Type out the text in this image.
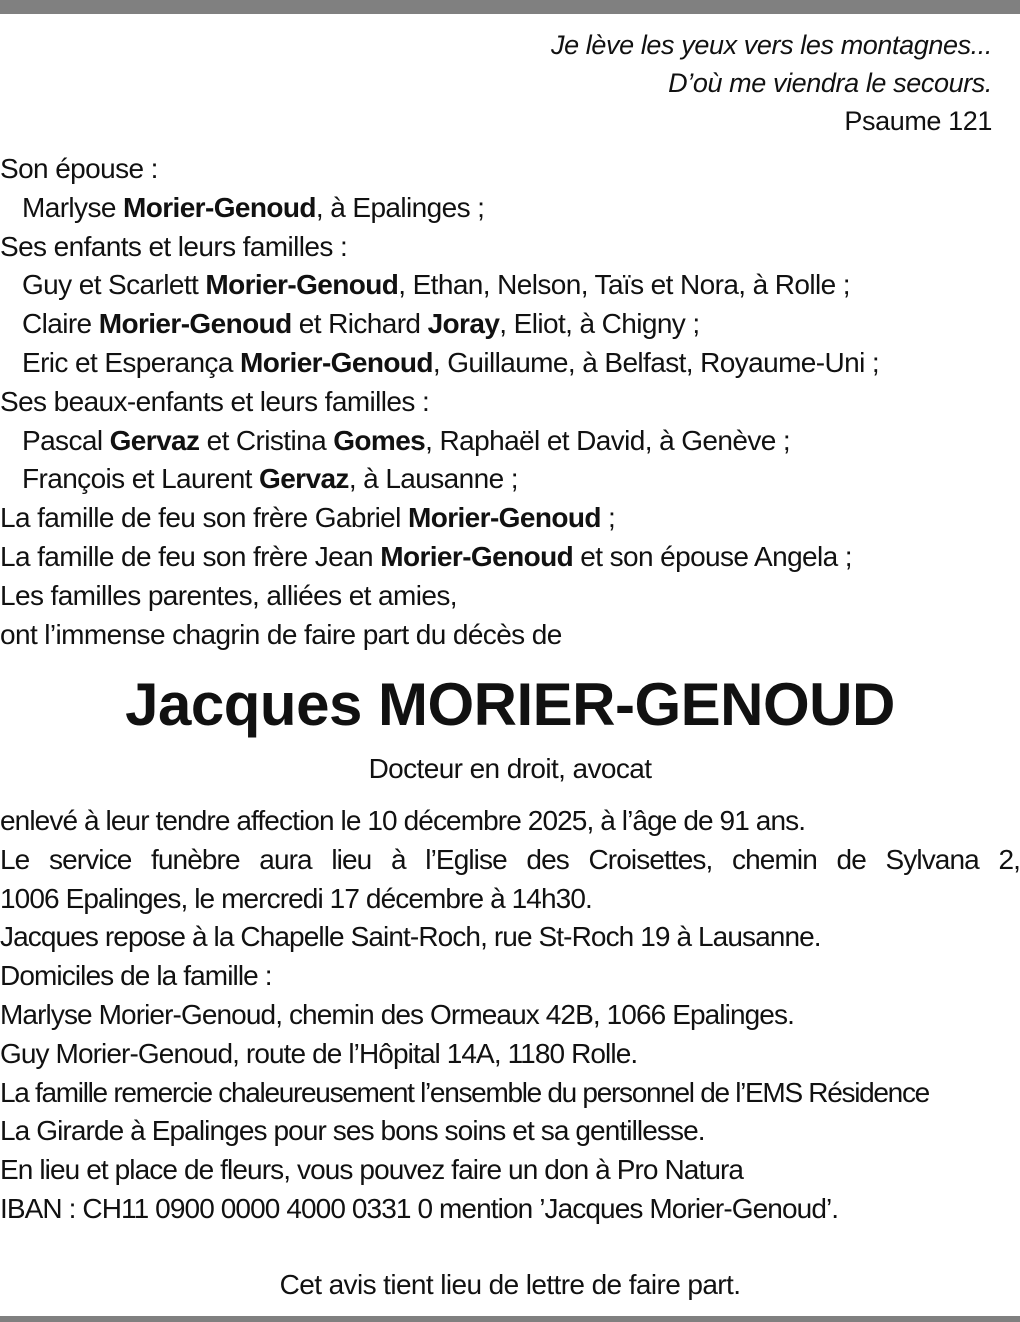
Je lève les yeux vers les montagnes...
D’où me viendra le secours.
Psaume 121
Son épouse :
Marlyse Morier-Genoud, à Epalinges ;
Ses enfants et leurs familles :
Guy et Scarlett Morier-Genoud, Ethan, Nelson, Taïs et Nora, à Rolle ;
Claire Morier-Genoud et Richard Joray, Eliot, à Chigny ;
Eric et Esperança Morier-Genoud, Guillaume, à Belfast, Royaume-Uni ;
Ses beaux-enfants et leurs familles :
Pascal Gervaz et Cristina Gomes, Raphaël et David, à Genève ;
François et Laurent Gervaz, à Lausanne ;
La famille de feu son frère Gabriel Morier-Genoud ;
La famille de feu son frère Jean Morier-Genoud et son épouse Angela ;
Les familles parentes, alliées et amies,
ont l’immense chagrin de faire part du décès de
Jacques MORIER-GENOUD
Docteur en droit, avocat
enlevé à leur tendre affection le 10 décembre 2025, à l’âge de 91 ans.
Le service funèbre aura lieu à l’Eglise des Croisettes, chemin de Sylvana 2,
1006 Epalinges, le mercredi 17 décembre à 14h30.
Jacques repose à la Chapelle Saint-Roch, rue St-Roch 19 à Lausanne.
Domiciles de la famille :
Marlyse Morier-Genoud, chemin des Ormeaux 42B, 1066 Epalinges.
Guy Morier-Genoud, route de l’Hôpital 14A, 1180 Rolle.
La famille remercie chaleureusement l’ensemble du personnel de l’EMS Résidence
La Girarde à Epalinges pour ses bons soins et sa gentillesse.
En lieu et place de fleurs, vous pouvez faire un don à Pro Natura
IBAN : CH11 0900 0000 4000 0331 0 mention ’Jacques Morier-Genoud’.
Cet avis tient lieu de lettre de faire part.
